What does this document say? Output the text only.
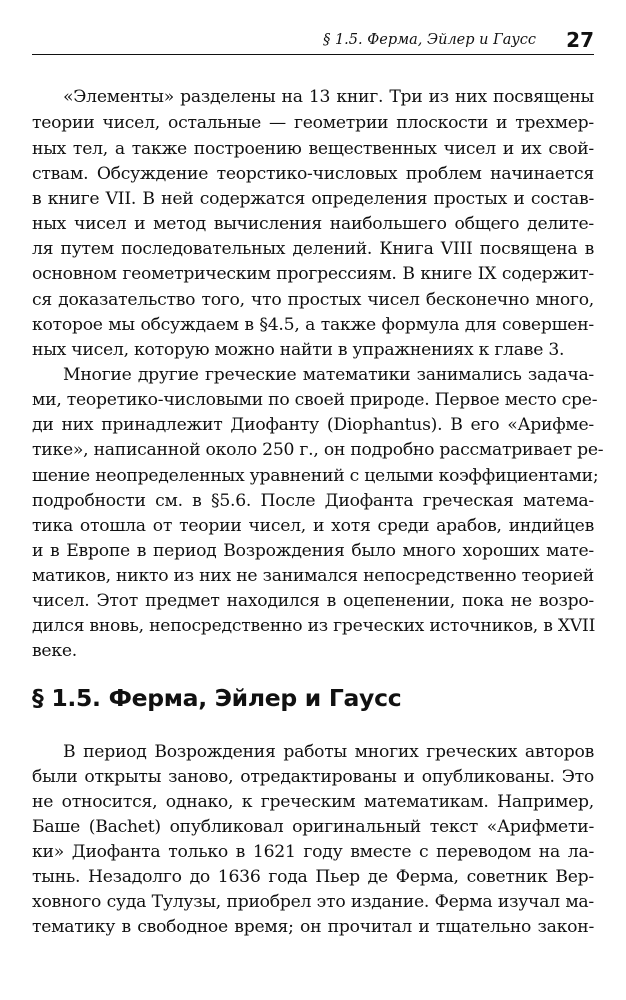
§ 1.5. Ферма, Эйлер и Гаусс 27
«Элементы» разделены на 13 книг. Три из них посвящены
теории чисел, остальные — геометрии плоскости и трехмер-
ных тел, а также построению вещественных чисел и их свой-
ствам. Обсуждение теорстико-числовых проблем начинается
в книге VII. В ней содержатся определения простых и состав-
ных чисел и метод вычисления наибольшего общего делите-
ля путем последовательных делений. Книга VIII посвящена в
основном геометрическим прогрессиям. В книге IX содержит-
ся доказательство того, что простых чисел бесконечно много,
которое мы обсуждаем в §4.5, а также формула для совершен-
ных чисел, которую можно найти в упражнениях к главе 3.
Многие другие греческие математики занимались задача-
ми, теоретико-числовыми по своей природе. Первое место сре-
ди них принадлежит Диофанту (Diophantus). В его «Арифме-
тике», написанной около 250 г., он подробно рассматривает ре-
шение неопределенных уравнений с целыми коэффициентами;
подробности см. в §5.6. После Диофанта греческая матема-
тика отошла от теории чисел, и хотя среди арабов, индийцев
и в Европе в период Возрождения было много хороших мате-
матиков, никто из них не занимался непосредственно теорией
чисел. Этот предмет находился в оцепенении, пока не возро-
дился вновь, непосредственно из греческих источников, в XVII
веке.
§ 1.5. Ферма, Эйлер и Гаусс
В период Возрождения работы многих греческих авторов
были открыты заново, отредактированы и опубликованы. Это
не относится, однако, к греческим математикам. Например,
Баше (Bachet) опубликовал оригинальный текст «Арифмети-
ки» Диофанта только в 1621 году вместе с переводом на ла-
тынь. Незадолго до 1636 года Пьер де Ферма, советник Вер-
ховного суда Тулузы, приобрел это издание. Ферма изучал ма-
тематику в свободное время; он прочитал и тщательно закон-
